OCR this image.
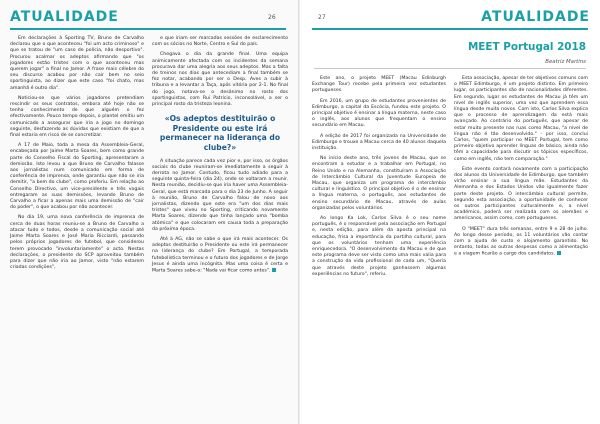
ATUALIDADE	26

Em declarações à Sporting TV, Bruno de Carvalho declarou que o que aconteceu "foi um acto criminoso" e que se tratou de "um caso de polícia, não desportivo". Procurou acalmar os adeptos afirmando que "os jogadores estão tristes com o que aconteceu mas querem jogar" a final no Jamor. A frase mais célebre do seu discurso acabou por não cair bem no seio sportinguista, ao dizer que este caso "foi chato, mas amanhã é outro dia".

Noticiou-se que vários jogadores pretendiam rescindir os seus contratos, embora até hoje não se tenha conhecimento de que alguém o fez efectivamente. Pouco tempo depois, o plantel emitiu um comunicado a assegurar que iria a jogo no domingo seguinte, desfazendo as dúvidas que existiam de que a final estaria em risco de se concretizar.

A 17 de Maio, toda a mesa da Assembleia-Geral, encabeçada por Jaime Marta Soares, bem como grande parte do Conselho Fiscal do Sporting, apresentaram a demissão. Isto levou a que Bruno de Carvalho falasse aos jornalistas num comunicado em forma de conferência de imprensa, onde garantiu que não se iria demitir, "a bem do clube", como proferiu. Em relação ao Conselho Directivo, um vice-presidente e três vogais entregaram as suas demissões, levando Bruno de Carvalho a ficar a apenas mais uma demissão de "cair do poder", o que acabou por não acontecer.

No dia 19, uma nova conferência de imprensa de cerca de duas horas reuniu-se a Bruno de Carvalho a atacar tudo e todos, desde a comunicação social até Jaime Marta Soares e José Maria Ricciardi, passando pelos próprios jogadores de futebol, que considerou terem provocado "involuntariamente" o acto. Nestas declarações, o presidente do SCP aproveitou também para dizer que não iria ao Jamor, visto "não estarem criadas condições",

e que iriam ser marcadas sessões de esclarecimento com os sócios no Norte, Centro e Sul do país.

Chegava o dia da grande final. Uma equipa anímicamente afectada com os incidentes da semana procurava dar uma alegria aos seus adeptos. Mas a falta de treinos nos dias que antecediam a final também se fez notar, acabando por ser o Desp. Aves a subir à tribuna e a levantar a Taça, após vitória por 2-1. No final do jogo, notava-se o desânimo no rosto dos sportinguistas, com Rui Patrício, inconsolável, a ser o principal rosto da tristeza leonina.

«Os adeptos destituirão o Presidente ou este irá permanecer na liderança do clube?»

A situação parece cada vez pior e, por isso, os órgãos sociais do clube reuniram-se imediatamente a seguir à derrota no Jamor. Contudo, ficou tudo adiado para a seguinte quinta-feira (dia 24), onde se voltaram a reunir. Nesta reunião, decidiu-se que iria haver uma Assembleia-Geral, que está marcada para o dia 23 de Junho. A seguir à reunião, Bruno de Carvalho falou de novo aos jornalistas, dizendo que este era "um dos dias mais tristes" que viveu no Sporting, criticando novamente Marta Soares, dizendo que tinha lançado uma "bomba atómica" e que colocaram em causa toda a preparação da próxima época.

Até à AG, não se sabe o que irá mais acontecer. Os adeptos destituirão o Presidente ou este irá permanecer na liderança do clube? Em Portugal, a temporada futebolística terminou e o futuro dos jogadores e de Jorge Jesus é ainda uma incógnita. Mas uma coisa é certa e Marta Soares sabe-o: "Nada vai ficar como antes".

27	ATUALIDADE
MEET Portugal 2018
Beatriz Martins

Este ano, o projeto MEET (Macau Edinburgh Exchange Tour) recebe pela primeira vez estudantes portugueses.

Em 2016, um grupo de estudantes provenientes de Edimburgo, a capital da Escócia, fundou este projeto. O principal objetivo é ensinar a língua materna, neste caso o inglês, aos alunos que frequentam o ensino secundário em Macau.

A edição de 2017 foi organizada na Universidade de Edimburgo e trouxe a Macau cerca de 40 alunos daquela instituição.

No início deste ano, três jovens de Macau, que se encontram a estudar e a trabalhar em Portugal, no Reino Unido e na Alemanha, constituíram a Associação de Intercâmbio Cultural da Juventude Europeia de Macau, que organiza um programa de intercâmbio cultural e linguístico. O principal objetivo é o de ensinar a língua materna, o português, aos estudantes de ensino secundário de Macau, através de aulas organizadas pelos voluntários.

Ao longo Ka Lok, Carlos Silva é o seu nome português, é o responsável pela associação em Portugal e, nesta edição, para além da aposta principal na educação, frisa a importância da partilha cultural, para que os voluntários tenham uma experiência enriquecedora. "O desenvolvimento da Macau e de que este programa deve ser visto como uma mais valia para a construção da vida profissional de cada um, "Queria que através deste projeto ganhassem algumas experiências no futuro", referiu.

Esta associação, apesar de ter objetivos comuns com o MEET Edimburgo, é um projeto distinto. Em primeiro lugar, os participantes são de nacionalidades diferentes. Em segundo, lugar os estudantes de Macau já têm um nível de inglês superior, uma vez que aprendem essa língua desde muito novos. Com isto, Carlos Silva explica que o processo de aprendizagem da está mais avançado. Ao contrário do português, que apesar de estar muito presente nas ruas como Macau, "a nível de língua não é tão desenvolvido." - por isso, conclui Carlos, "quem participar no MEET Portugal, tem como primeiro objetivo aprender línguas de básico, ainda não têm a capacidade para discutir os tópicos específicos, como em inglês, não tem comparação."

Este evento contará novamente com a participação dos alunos da Universidade de Edimburgo, que também virão ensinar a sua língua mãe. Estudantes da Alemanha e dos Estados Unidos vão igualmente fazer parte deste projeto. O intercâmbio cultural permite, segundo esta associação, a oportunidade de conhecer os outros participantes culturalmente e, a nível académico, poderá ser realizada com os alemães e americanos, assim como, com portugueses.

O "MEET" dura três semanas, entre 9 e 28 de julho. Ao longo desse período, os 11 voluntários vão contar com a ajuda de custo e alojamento garantido. No entanto, todas as outras despesas como a alimentação e a viagem ficarão a cargo dos candidatos.
